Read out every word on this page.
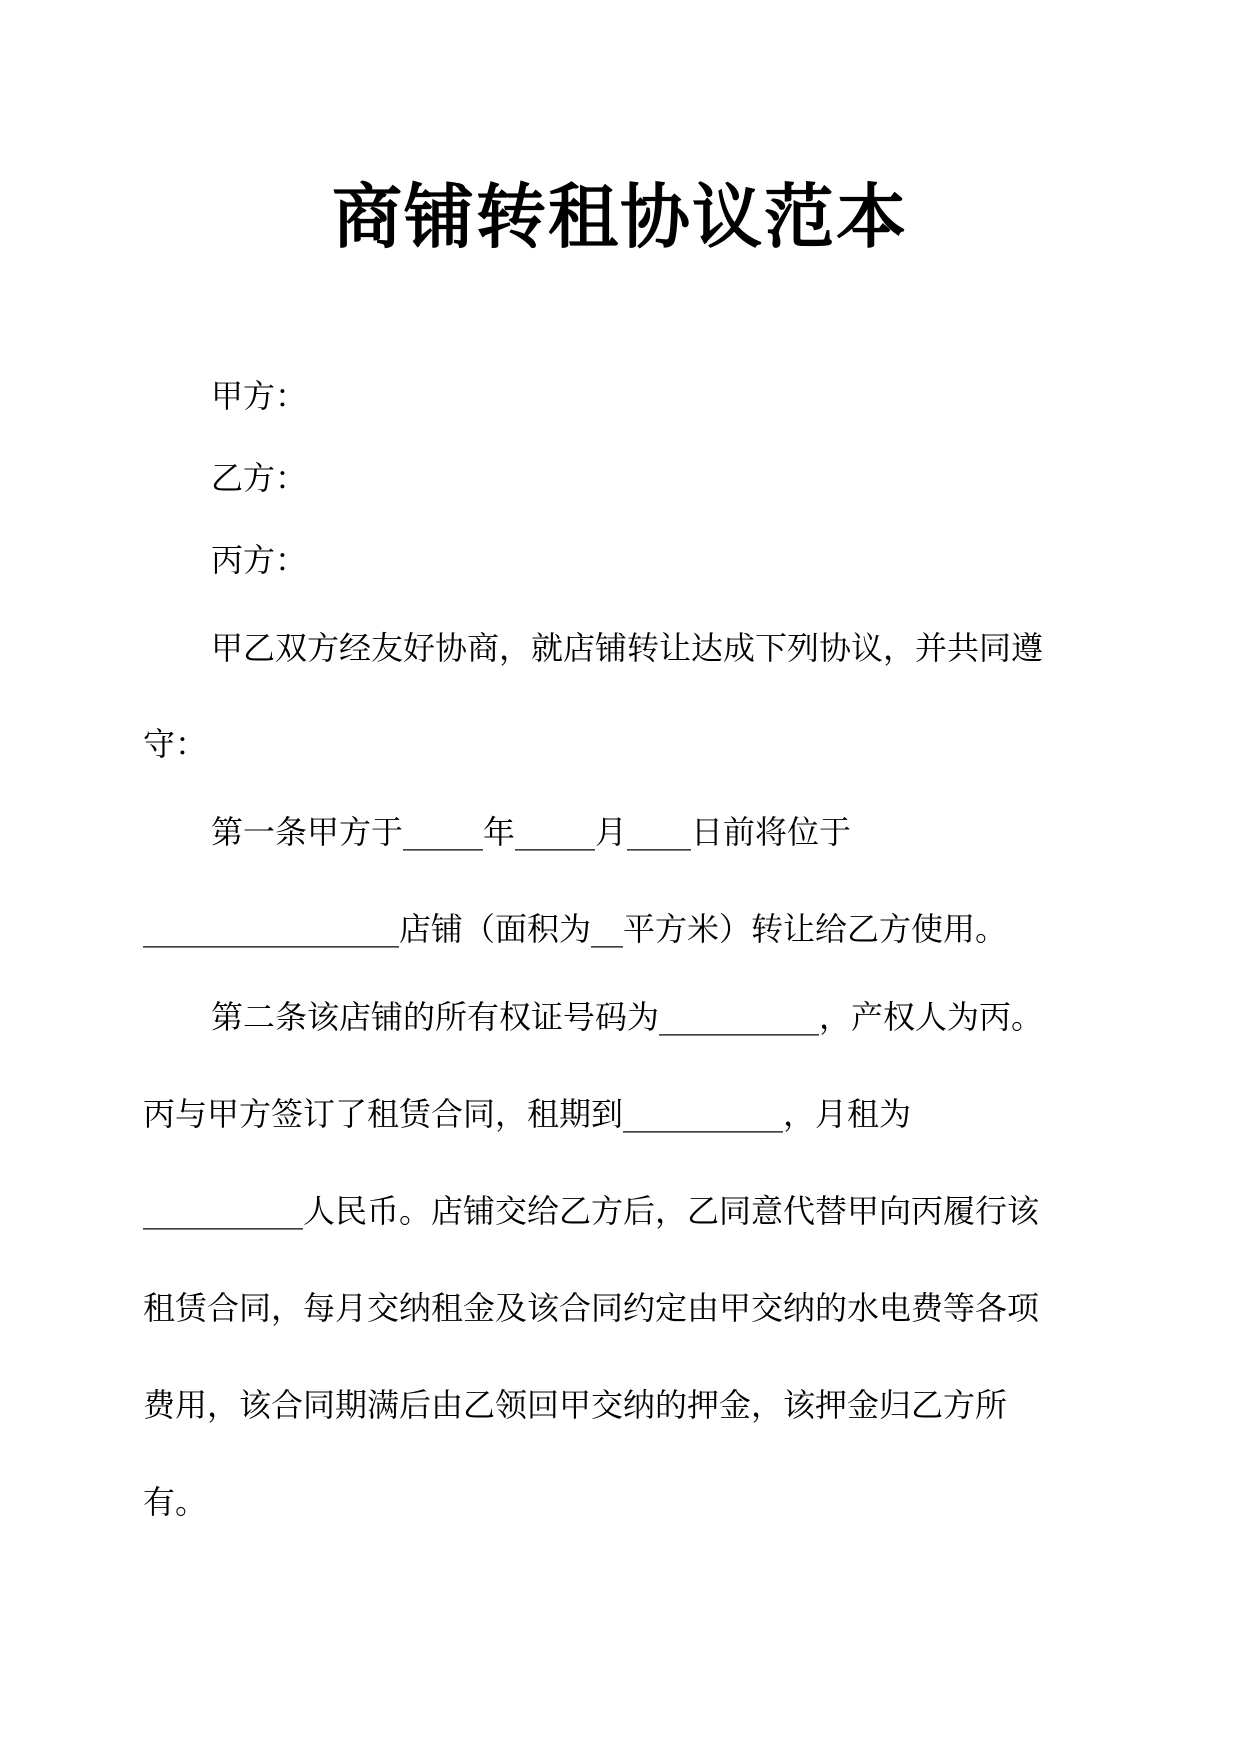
商铺转租协议范本

甲方：

乙方：

丙方：

甲乙双方经友好协商，就店铺转让达成下列协议，并共同遵

守：

第一条甲方于_____年_____月____日前将位于

________________店铺（面积为__平方米）转让给乙方使用。

第二条该店铺的所有权证号码为__________，产权人为丙。

丙与甲方签订了租赁合同，租期到__________，月租为

__________人民币。店铺交给乙方后，乙同意代替甲向丙履行该

租赁合同，每月交纳租金及该合同约定由甲交纳的水电费等各项

费用，该合同期满后由乙领回甲交纳的押金，该押金归乙方所

有。
